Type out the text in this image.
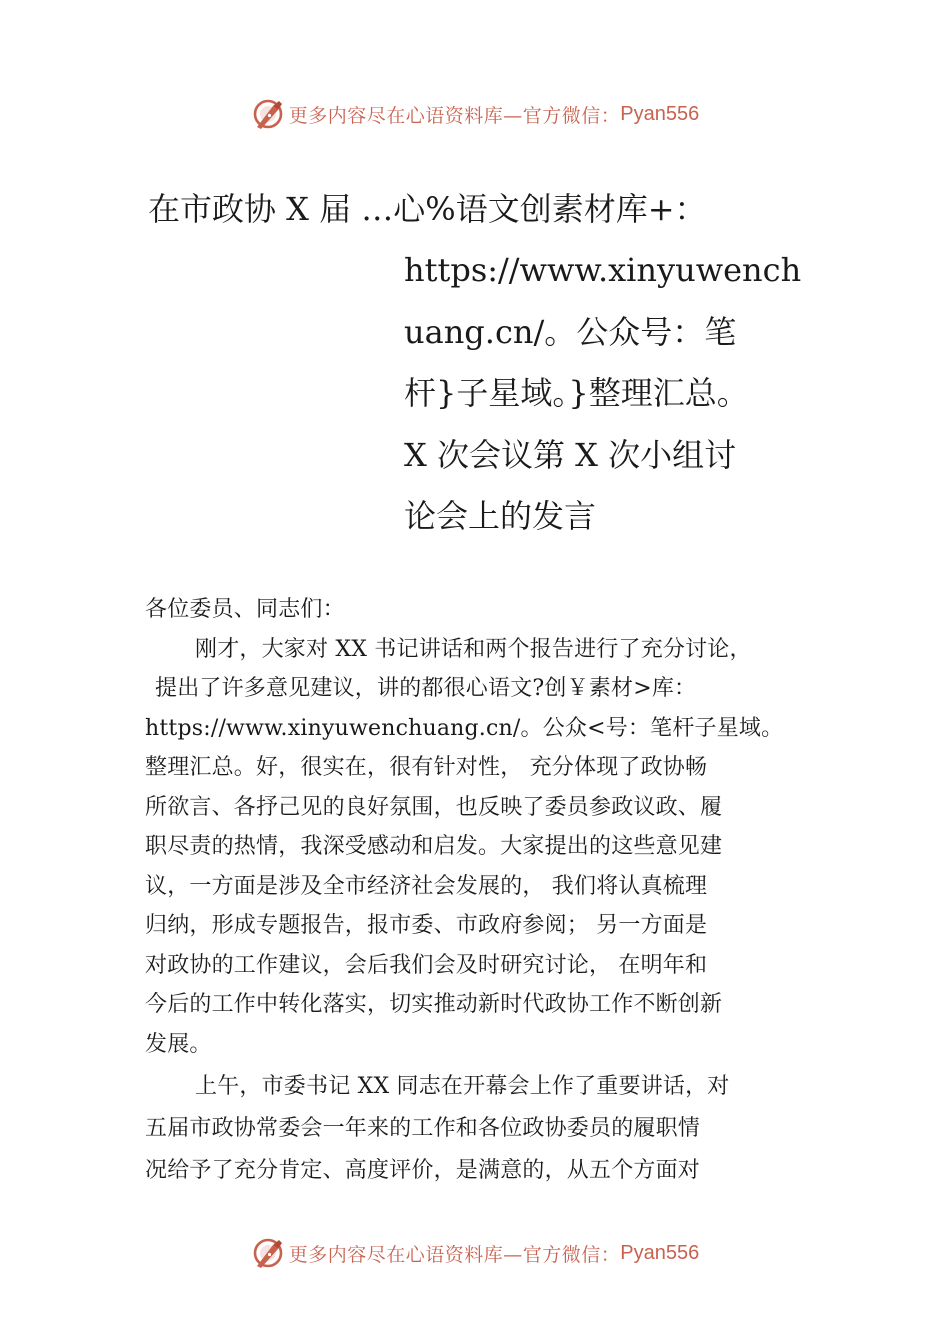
更多内容尽在心语资料库—官方微信： Pyan556
在市政协 X 届 …心%语文创素材库+：
https://www.xinyuwench
uang.cn/。公众号：笔
杆}子星域。}整理汇总。
X 次会议第 X 次小组讨
论会上的发言
各位委员、同志们：
刚才，大家对 XX 书记讲话和两个报告进行了充分讨论，
提出了许多意见建议，讲的都很心语文?创￥素材>库：
https://www.xinyuwenchuang.cn/。公众<号：笔杆子星域。
整理汇总。好，很实在，很有针对性， 充分体现了政协畅
所欲言、各抒己见的良好氛围，也反映了委员参政议政、履
职尽责的热情，我深受感动和启发。大家提出的这些意见建
议，一方面是涉及全市经济社会发展的， 我们将认真梳理
归纳，形成专题报告，报市委、市政府参阅； 另一方面是
对政协的工作建议，会后我们会及时研究讨论， 在明年和
今后的工作中转化落实，切实推动新时代政协工作不断创新
发展。
上午，市委书记 XX 同志在开幕会上作了重要讲话，对
五届市政协常委会一年来的工作和各位政协委员的履职情
况给予了充分肯定、高度评价，是满意的，从五个方面对
更多内容尽在心语资料库—官方微信： Pyan556
